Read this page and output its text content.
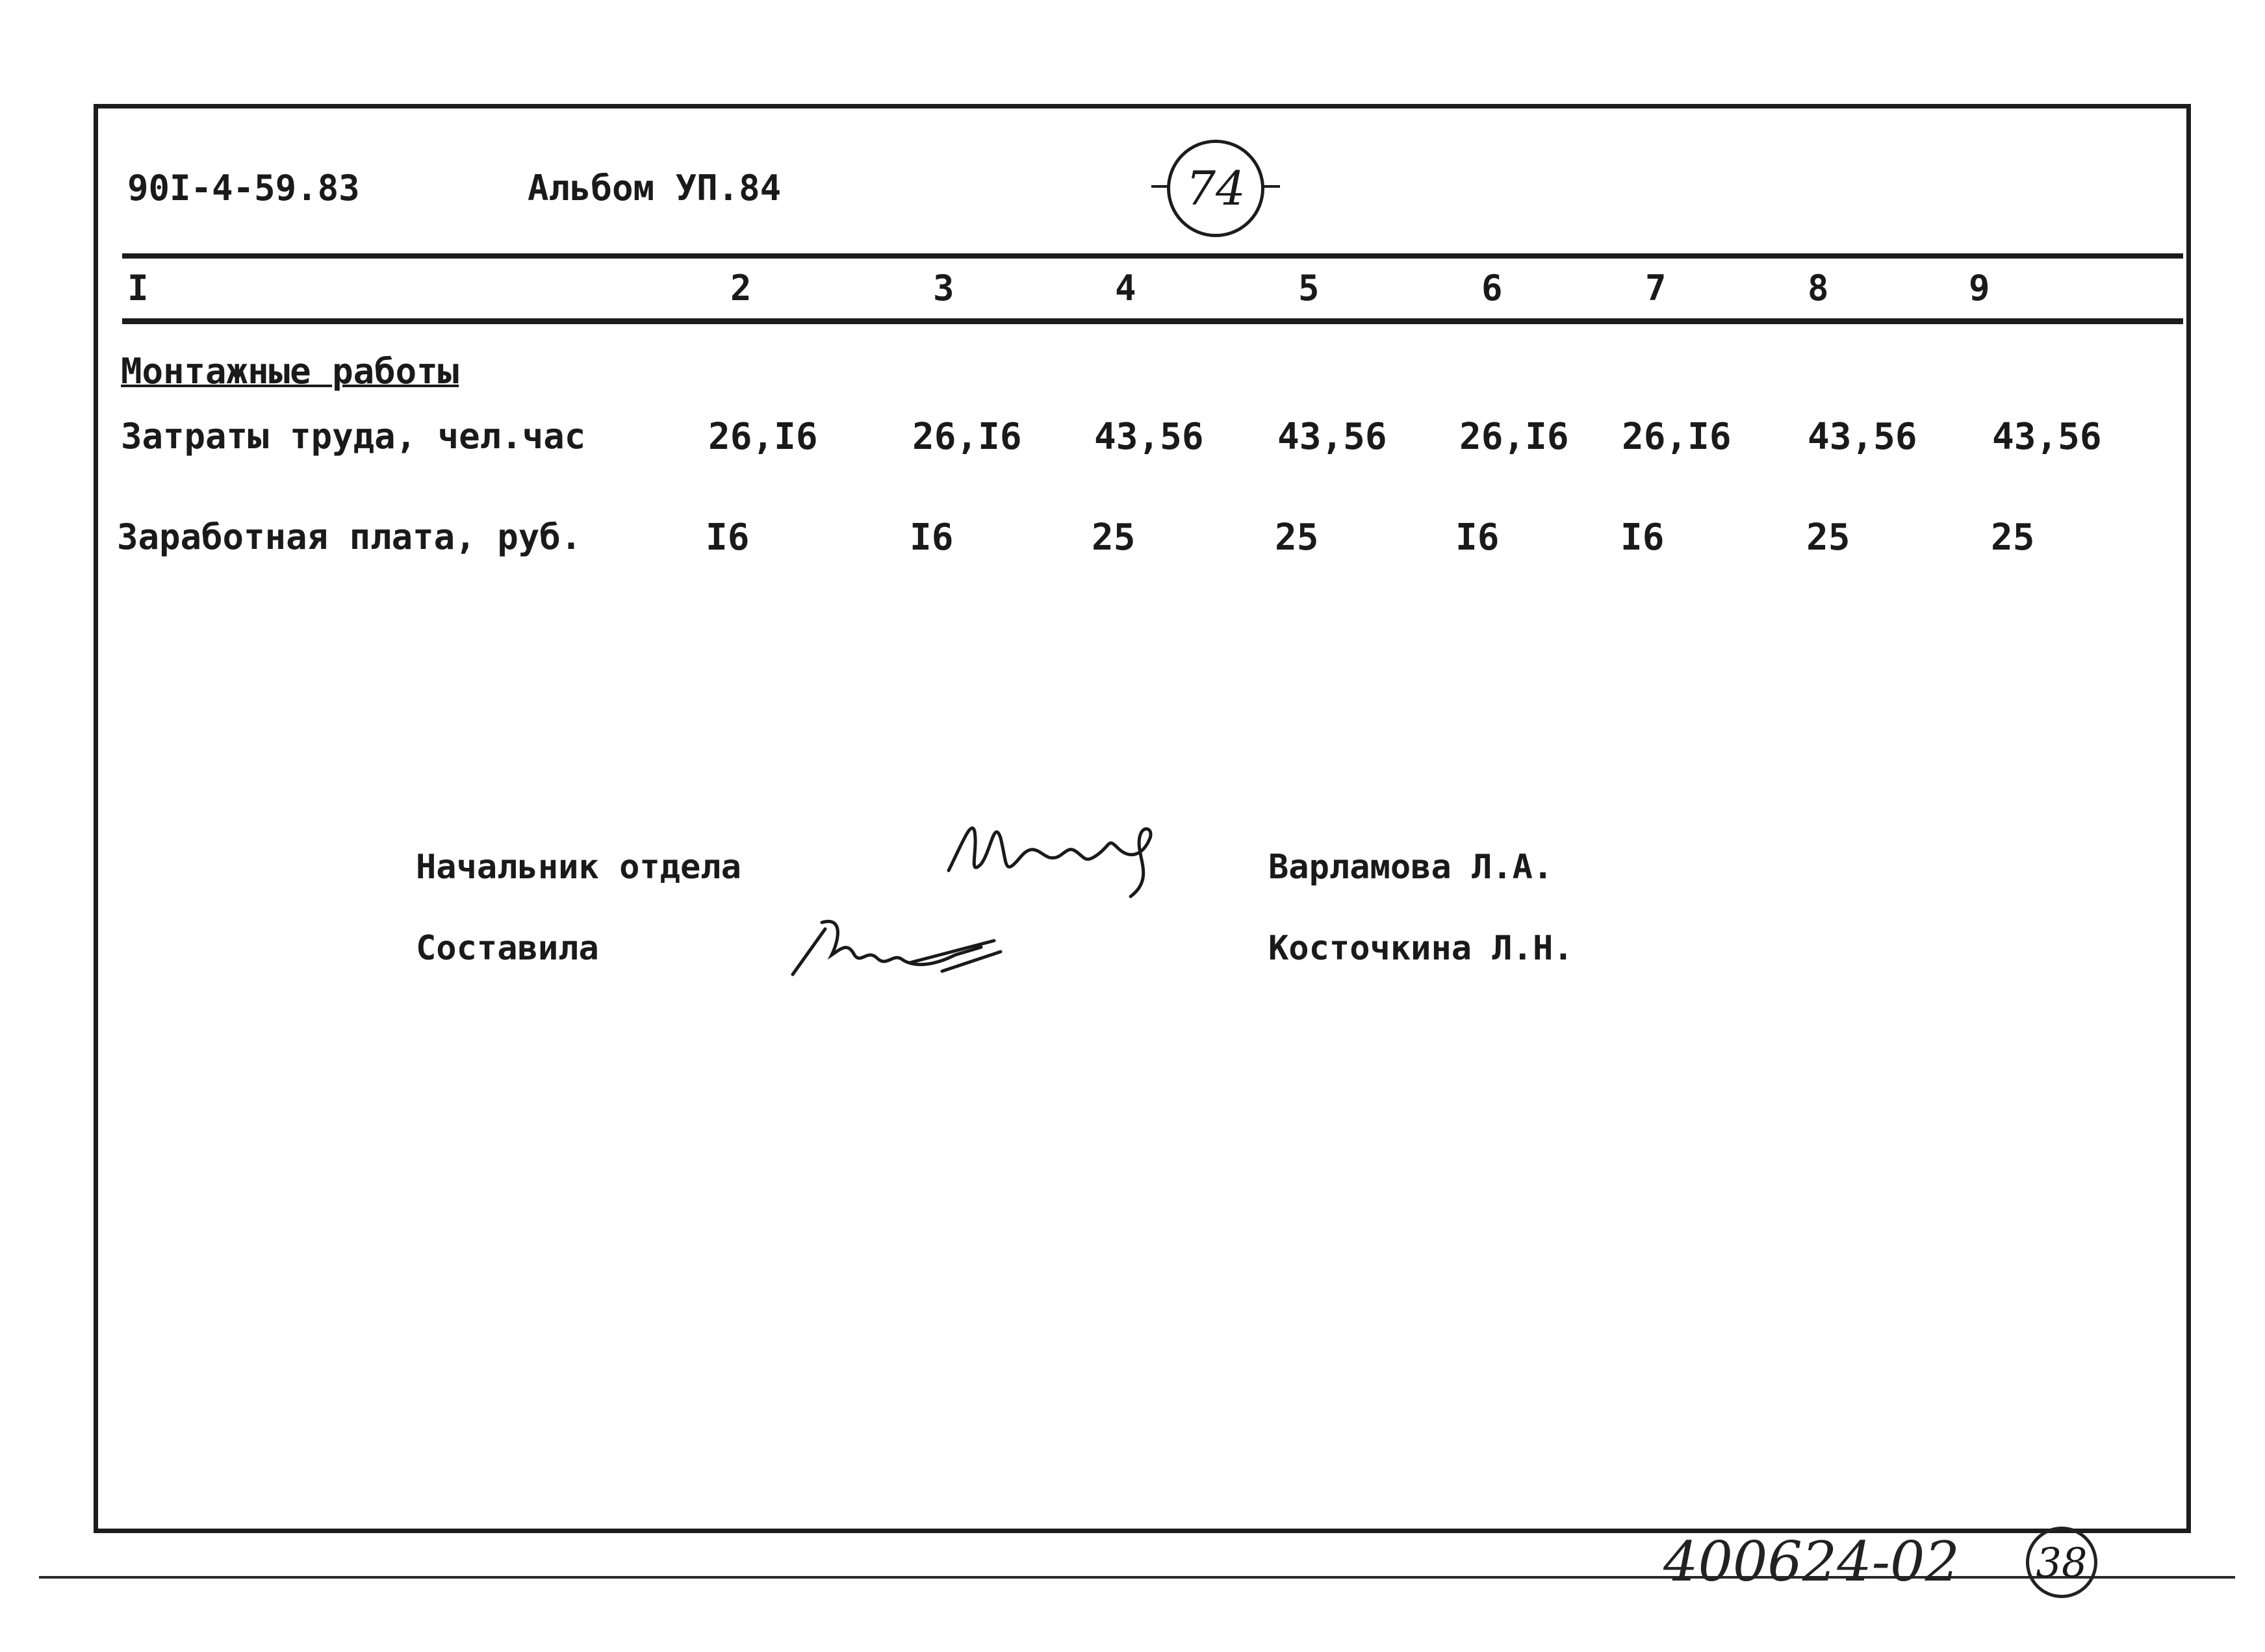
90I-4-59.83	Альбом УП.84	74
I	2	3	4	5	6	7	8	9
Монтажные работы
Затраты труда, чел.час	26,I6	26,I6 43,56 43,56 26,I6 26,I6 43,56 43,56
Заработная плата, руб.	I6	I6	25	25	I6	I6	25	25
Начальник отдела	Варламова Л.А.
Составила	Косточкина Л.Н.
400624-02 38
